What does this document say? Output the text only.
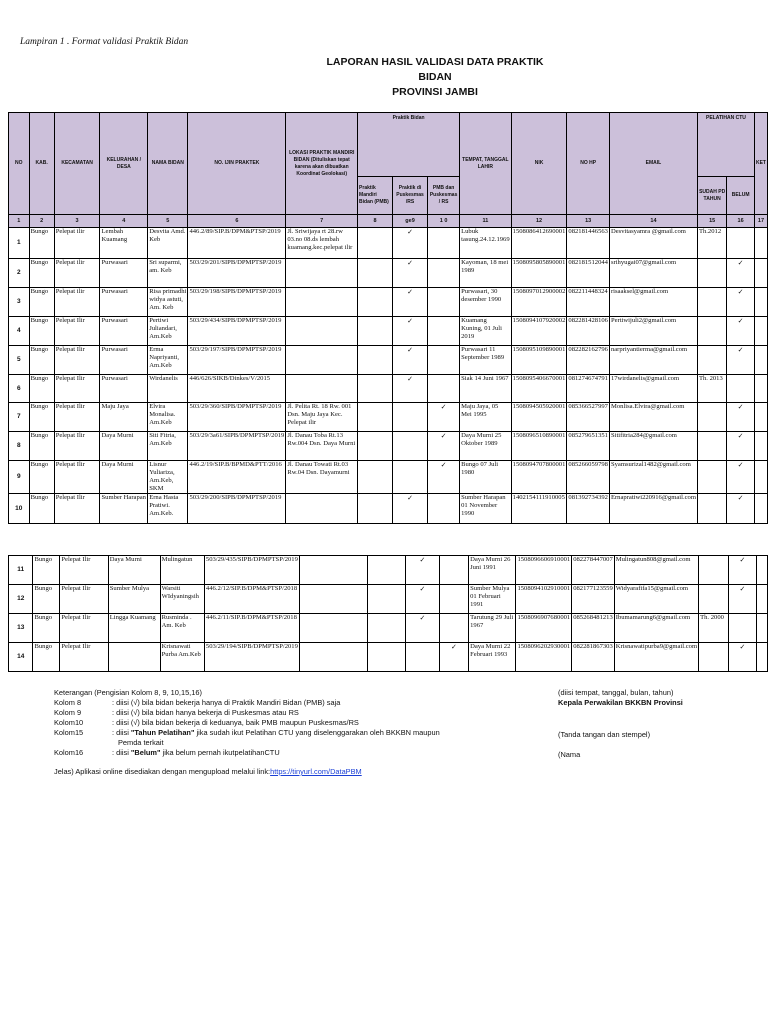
Lampiran 1 . Format validasi Praktik Bidan
LAPORAN HASIL VALIDASI DATA PRAKTIK
BIDAN
PROVINSI JAMBI
NO	KAB.	KECAMATAN	KELURAHAN / DESA	NAMA BIDAN	NO. IJIN PRAKTEK	LOKASI PRAKTIK MANDIRI BIDAN (Dituliskan tepat karena akan dibuatkan Koordinat Geolokasi)	Praktik Bidan			TEMPAT, TANGGAL LAHIR	NIK	NO HP	EMAIL	PELATIHAN CTU		KET
							Praktik Mandiri Bidan (PMB)	Praktik di Puskesmas /RS	PMB dan Puskesmas / RS					SUDAH PD TAHUN	BELUM	
1	2	3	4	5	6	7	8	ge9	1 0	11	12	13	14	15	16	17
1	Bungo	Pelepat ilir	Lembah Kuamang	Desvita Amd. Keb	446.2/89/SIP.B/DPM&PTSP/2019	Jl. Sriwijaya rt 28.rw 03.no 08.ds lembah kuamang.kec.pelepat ilir		✓		Lubuk tasung.24.12.1969	1508086412690001	082181446563	Desvitasyamra @gmail.com	Th.2012		
2	Bungo	Pelepat ilir	Purwasari	Sri suparmi, am. Keb	503/29/201/SIPB/DPMPTSP/2019			✓		Kayoman, 18 mei 1989	1508095805890001	082181512044	srihyugai07@gmail.com		✓	
3	Bungo	Pelepat ilir	Purwasari	Risa primadhi widya astuti, Am. Keb	503/29/198/SIPB/DPMPTSP/2019			✓		Purwasari, 30 desember 1990	1508097012900002	082211448324	risaaksel@gmail.com		✓	
4	Bungo	Pelepat Ilir	Purwasari	Pertiwi Juliandari, Am.Keb	503/29/434/SIPB/DPMPTSP/2019			✓		Kuamang Kuning, 01 Juli 2019	1508094107920002	082281428106	Pertiwijuli2@gmail.com		✓	
5	Bungo	Pelepat Ilir	Purwasari	Erma Napriyanti, Am.Keb	503/29/197/SIPB/DPMPTSP/2019			✓		Purwasari 11 September 1989	1508095109890001	082282162796	narpriyantierma@gmail.com		✓	
6	Bungo	Pelepat Ilir	Purwasari	Wirdanelis	446/626/SIKB/Dinkes/V/2015			✓		Siak 14 Juni 1967	1508095406670001	081274674791	17wirdanelis@gmail.com	Th. 2013		
7	Bungo	Pelepat Ilir	Maju Jaya	Elvira Monalisa. Am.Keb	503/29/360/SIPB/DPMPTSP/2019	Jl. Pelita Rt. 18 Rw. 001 Dsn. Maju Jaya Kec. Pelepat ilir			✓	Maju Jaya, 05 Mei 1995	1508094505920001	085366527997	Monlisa.Elvira@gmail.com		✓	
8	Bungo	Pelepat Ilir	Daya Murni	Siti Fitria, Am.Keb	503/29/3a61/SIPB/DPMPTSP/2019	Jl. Danau Toba Rt.13 Rw.004 Dsn. Daya Murni			✓	Daya Murni 25 Oktober 1989	1508096510890001	085279651351	Sitifitria284@gmail.com		✓	
9	Bungo	Pelepat Ilir	Daya Murni	Lisnur Yuliariza, Am.Keb, SKM	446.2/19/SIP.B/BPMD&PTT/2016	Jl. Danau Towati Rt.03 Rw.04 Dsn. Dayamurni			✓	Bungo 07 Juli 1980	1508094707800001	085266059798	Syamsurizal1482@gmail.com		✓	
10	Bungo	Pelepat Ilir	Sumber Harapan	Erna Hasta Pratiwi. Am.Keb.	503/29/200/SIPB/DPMPTSP/2019			✓		Sumber Harapan 01 November 1990	1402154111910005	081392734392	Ernapratiwi220916@gmail.com		✓	
11	Bungo	Pelepat Ilir	Daya Murni	Mulingatun	503/29/435/SIPB/DPMPTSP/2019			✓		Daya Murni 26 Juni 1991	1508096606910001	082278447007	Mulingatun808@gmail.com		✓	
12	Bungo	Pelepat Ilir	Sumber Mulya	Warsiti WIdyaningsih	446.2/12/SIP.B/DPM&PTSP/2018			✓		Sumber Mulya 01 Februari 1991	1508094102910001	082177123559	Widyarafifa15@gmail.com		✓	
13	Bungo	Pelepat Ilir	Lingga Kuamang	Rusminda . Am. Keb	446.2/11/SIP.B/DPM&PTSP/2018			✓		Tarutung 29 Juli 1967	1508096907680001	085268481213	Ibumamarung6@gmail.com	Th. 2000		
14	Bungo	Pelepat Ilir		Krisnawati Purba Am.Keb	503/29/194/SIPB/DPMPTSP/2019				✓	Daya Murni 22 Februari 1993	1508096202930001	082281867303	Krisnawatipurba9@gmail.com		✓	
Keterangan (Pengisian Kolom 8, 9, 10,15,16)
Kolom 8	: diisi (√) bila bidan bekerja hanya di Praktik Mandiri Bidan (PMB) saja
Kolom 9	: diisi (√) bila bidan hanya bekerja di Puskesmas atau RS
Kolom10	: diisi (√) bila bidan bekerja di keduanya, baik PMB maupun Puskesmas/RS
Kolom15	: diisi "Tahun Pelatihan" jika sudah ikut Pelatihan CTU yang diselenggarakan oleh BKKBN maupun
Pemda terkait
Kolom16	: diisi "Belum" jika belum pernah ikutpelatihanCTU
Jelas) Aplikasi online disediakan dengan mengupload melalui link:https://tinyurl.com/DataPBM
(diisi tempat, tanggal, bulan, tahun)
Kepala Perwakilan BKKBN Provinsi
(Tanda tangan dan stempel)
(Nama
